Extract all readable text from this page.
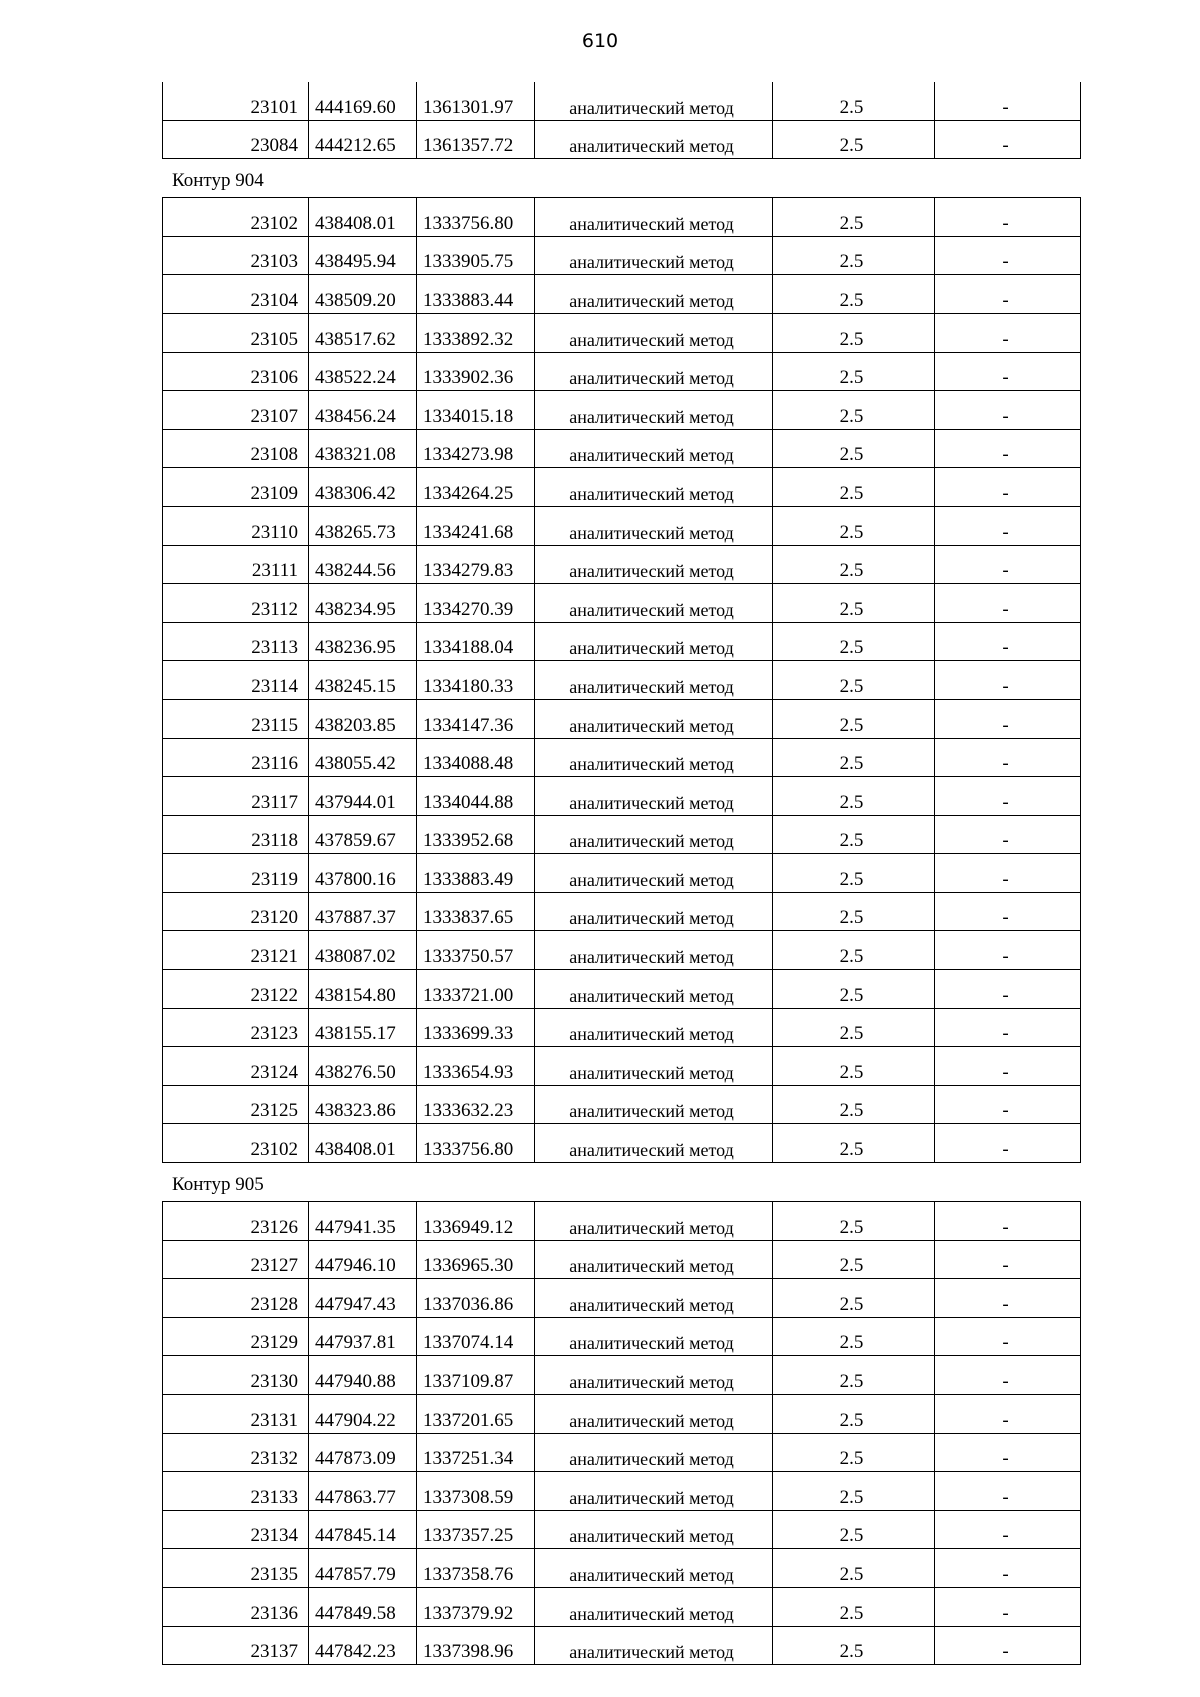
610
23101	444169.60	1361301.97	аналитический метод	2.5	-
23084	444212.65	1361357.72	аналитический метод	2.5	-
Контур 904
23102	438408.01	1333756.80	аналитический метод	2.5	-
23103	438495.94	1333905.75	аналитический метод	2.5	-
23104	438509.20	1333883.44	аналитический метод	2.5	-
23105	438517.62	1333892.32	аналитический метод	2.5	-
23106	438522.24	1333902.36	аналитический метод	2.5	-
23107	438456.24	1334015.18	аналитический метод	2.5	-
23108	438321.08	1334273.98	аналитический метод	2.5	-
23109	438306.42	1334264.25	аналитический метод	2.5	-
23110	438265.73	1334241.68	аналитический метод	2.5	-
23111	438244.56	1334279.83	аналитический метод	2.5	-
23112	438234.95	1334270.39	аналитический метод	2.5	-
23113	438236.95	1334188.04	аналитический метод	2.5	-
23114	438245.15	1334180.33	аналитический метод	2.5	-
23115	438203.85	1334147.36	аналитический метод	2.5	-
23116	438055.42	1334088.48	аналитический метод	2.5	-
23117	437944.01	1334044.88	аналитический метод	2.5	-
23118	437859.67	1333952.68	аналитический метод	2.5	-
23119	437800.16	1333883.49	аналитический метод	2.5	-
23120	437887.37	1333837.65	аналитический метод	2.5	-
23121	438087.02	1333750.57	аналитический метод	2.5	-
23122	438154.80	1333721.00	аналитический метод	2.5	-
23123	438155.17	1333699.33	аналитический метод	2.5	-
23124	438276.50	1333654.93	аналитический метод	2.5	-
23125	438323.86	1333632.23	аналитический метод	2.5	-
23102	438408.01	1333756.80	аналитический метод	2.5	-
Контур 905
23126	447941.35	1336949.12	аналитический метод	2.5	-
23127	447946.10	1336965.30	аналитический метод	2.5	-
23128	447947.43	1337036.86	аналитический метод	2.5	-
23129	447937.81	1337074.14	аналитический метод	2.5	-
23130	447940.88	1337109.87	аналитический метод	2.5	-
23131	447904.22	1337201.65	аналитический метод	2.5	-
23132	447873.09	1337251.34	аналитический метод	2.5	-
23133	447863.77	1337308.59	аналитический метод	2.5	-
23134	447845.14	1337357.25	аналитический метод	2.5	-
23135	447857.79	1337358.76	аналитический метод	2.5	-
23136	447849.58	1337379.92	аналитический метод	2.5	-
23137	447842.23	1337398.96	аналитический метод	2.5	-
